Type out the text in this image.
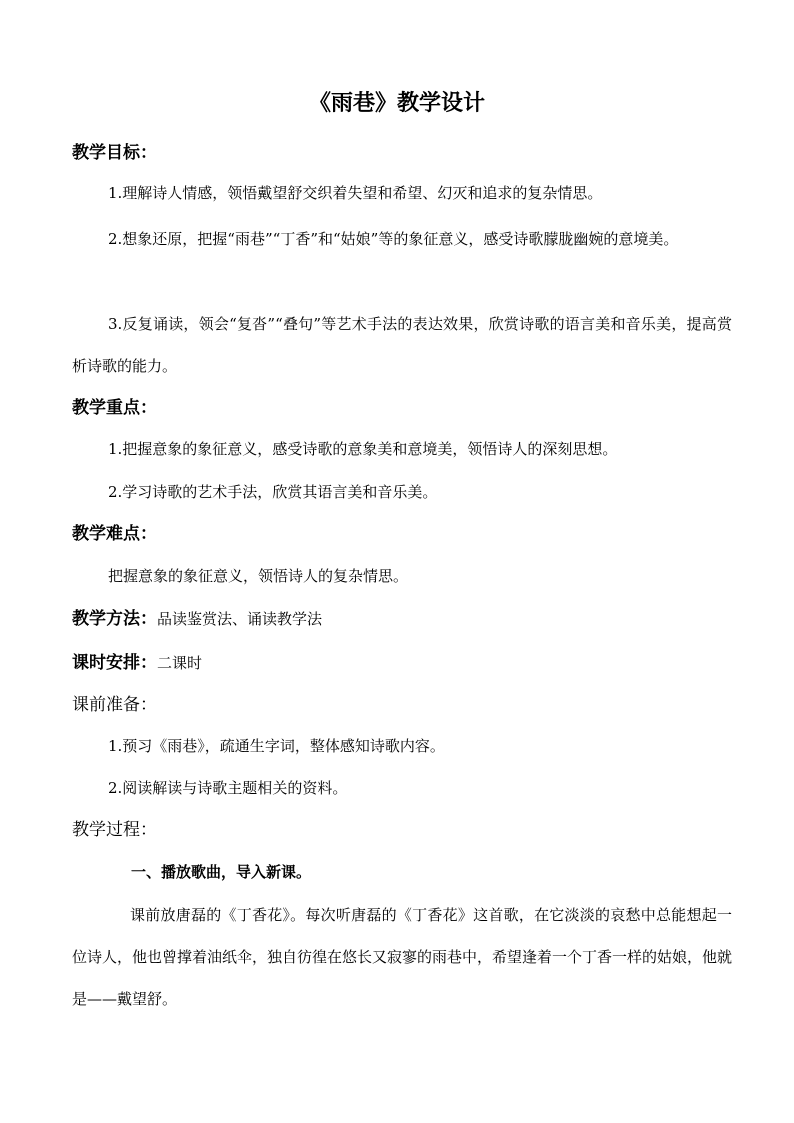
《雨巷》教学设计
教学目标：
1.理解诗人情感，领悟戴望舒交织着失望和希望、幻灭和追求的复杂情思。
2.想象还原，把握“雨巷”“丁香”和“姑娘”等的象征意义，感受诗歌朦胧幽婉的意境美。
3.反复诵读，领会“复沓”“叠句”等艺术手法的表达效果，欣赏诗歌的语言美和音乐美，提高赏析诗歌的能力。
教学重点：
1.把握意象的象征意义，感受诗歌的意象美和意境美，领悟诗人的深刻思想。
2.学习诗歌的艺术手法，欣赏其语言美和音乐美。
教学难点：
把握意象的象征意义，领悟诗人的复杂情思。
教学方法：品读鉴赏法、诵读教学法
课时安排：二课时
课前准备：
1.预习《雨巷》，疏通生字词，整体感知诗歌内容。
2.阅读解读与诗歌主题相关的资料。
教学过程：
一、播放歌曲，导入新课。
课前放唐磊的《丁香花》。每次听唐磊的《丁香花》这首歌，在它淡淡的哀愁中总能想起一位诗人，他也曾撑着油纸伞，独自彷徨在悠长又寂寥的雨巷中，希望逢着一个丁香一样的姑娘，他就是——戴望舒。
